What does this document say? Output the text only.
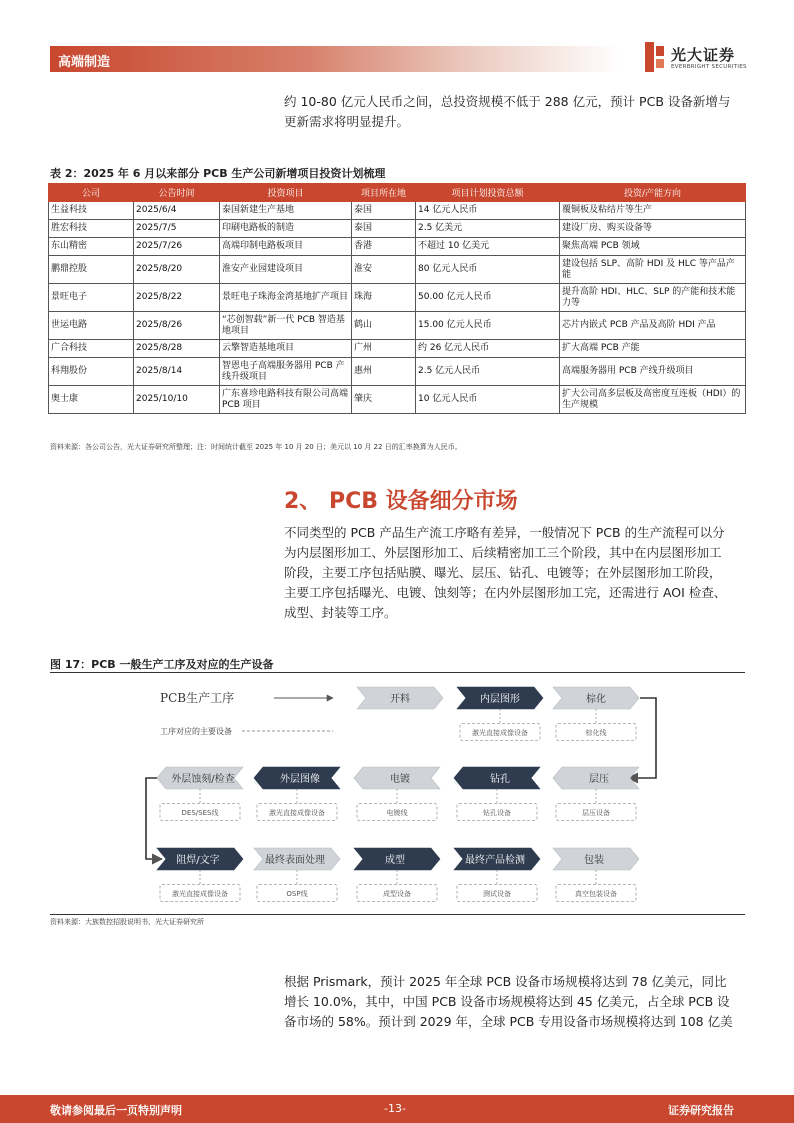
高端制造	光大证券
EVERBRIGHT SECURITIES
约 10-80 亿元人民币之间，总投资规模不低于 288 亿元，预计 PCB 设备新增与
更新需求将明显提升。
表 2：2025 年 6 月以来部分 PCB 生产公司新增项目投资计划梳理
公司	公告时间	投资项目	项目所在地	项目计划投资总额	投资/产能方向
生益科技	2025/6/4	泰国新建生产基地	泰国	14 亿元人民币	覆铜板及粘结片等生产
胜宏科技	2025/7/5	印刷电路板的制造	泰国	2.5 亿美元	建设厂房、购买设备等
东山精密	2025/7/26	高端印制电路板项目	香港	不超过 10 亿美元	聚焦高端 PCB 领域
鹏鼎控股	2025/8/20	淮安产业园建设项目	淮安	80 亿元人民币	建设包括 SLP、高阶 HDI 及 HLC 等产品产能
景旺电子	2025/8/22	景旺电子珠海金湾基地扩产项目	珠海	50.00 亿元人民币	提升高阶 HDI、HLC、SLP 的产能和技术能力等
世运电路	2025/8/26	“芯创智载”新一代 PCB 智造基地项目	鹤山	15.00 亿元人民币	芯片内嵌式 PCB 产品及高阶 HDI 产品
广合科技	2025/8/28	云擎智造基地项目	广州	约 26 亿元人民币	扩大高端 PCB 产能
科翔股份	2025/8/14	智恩电子高端服务器用 PCB 产线升级项目	惠州	2.5 亿元人民币	高端服务器用 PCB 产线升级项目
奥士康	2025/10/10	广东喜珍电路科技有限公司高端 PCB 项目	肇庆	10 亿元人民币	扩大公司高多层板及高密度互连板（HDI）的生产规模
资料来源：各公司公告，光大证券研究所整理；注：时间统计截至 2025 年 10 月 20 日；美元以 10 月 22 日的汇率换算为人民币。
2、 PCB 设备细分市场
不同类型的 PCB 产品生产流工序略有差异，一般情况下 PCB 的生产流程可以分
为内层图形加工、外层图形加工、后续精密加工三个阶段，其中在内层图形加工
阶段，主要工序包括贴膜、曝光、层压、钻孔、电镀等；在外层图形加工阶段，
主要工序包括曝光、电镀、蚀刻等；在内外层图形加工完，还需进行 AOI 检查、
成型、封装等工序。
图 17：PCB 一般生产工序及对应的生产设备
PCB生产工序
工序对应的主要设备
开料	内层图形
激光直接成像设备
棕化
棕化线
外层蚀刻/检查
DES/SES线
外层图像
激光直接成像设备
电镀
电镀线
钻孔
钻孔设备
层压
层压设备
阻焊/文字
激光直接成像设备
最终表面处理
OSP线
成型
成型设备
最终产品检测
测试设备
包装
真空包装设备
资料来源：大族数控招股说明书，光大证券研究所
根据 Prismark，预计 2025 年全球 PCB 设备市场规模将达到 78 亿美元，同比
增长 10.0%，其中，中国 PCB 设备市场规模将达到 45 亿美元，占全球 PCB 设
备市场的 58%。预计到 2029 年，全球 PCB 专用设备市场规模将达到 108 亿美
敬请参阅最后一页特别声明	-13-	证券研究报告
